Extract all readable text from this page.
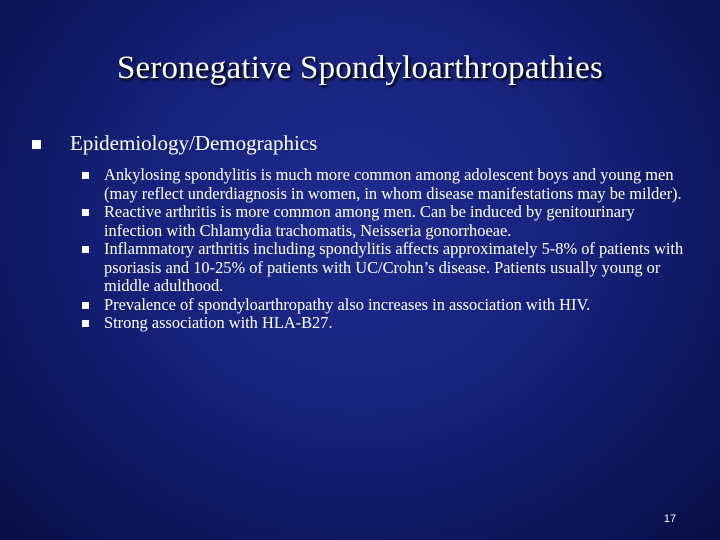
Seronegative Spondyloarthropathies
Epidemiology/Demographics
Ankylosing spondylitis is much more common among adolescent boys and young men (may reflect underdiagnosis in women, in whom disease manifestations may be milder).
Reactive arthritis is more common among men. Can be induced by genitourinary infection with Chlamydia trachomatis, Neisseria gonorrhoeae.
Inflammatory arthritis including spondylitis affects approximately 5-8% of patients with psoriasis and 10-25% of patients with UC/Crohn’s disease. Patients usually young or middle adulthood.
Prevalence of spondyloarthropathy also increases in association with HIV.
Strong association with HLA-B27.
17
